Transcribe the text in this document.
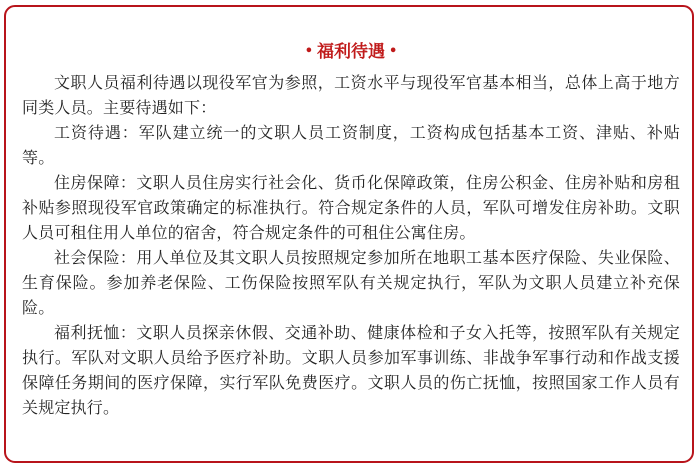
• 福利待遇 •

文职人员福利待遇以现役军官为参照，工资水平与现役军官基本相当，总体上高于地方同类人员。主要待遇如下：

工资待遇：军队建立统一的文职人员工资制度，工资构成包括基本工资、津贴、补贴等。

住房保障：文职人员住房实行社会化、货币化保障政策，住房公积金、住房补贴和房租补贴参照现役军官政策确定的标准执行。符合规定条件的人员，军队可增发住房补助。文职人员可租住用人单位的宿舍，符合规定条件的可租住公寓住房。

社会保险：用人单位及其文职人员按照规定参加所在地职工基本医疗保险、失业保险、生育保险。参加养老保险、工伤保险按照军队有关规定执行，军队为文职人员建立补充保险。

福利抚恤：文职人员探亲休假、交通补助、健康体检和子女入托等，按照军队有关规定执行。军队对文职人员给予医疗补助。文职人员参加军事训练、非战争军事行动和作战支援保障任务期间的医疗保障，实行军队免费医疗。文职人员的伤亡抚恤，按照国家工作人员有关规定执行。
